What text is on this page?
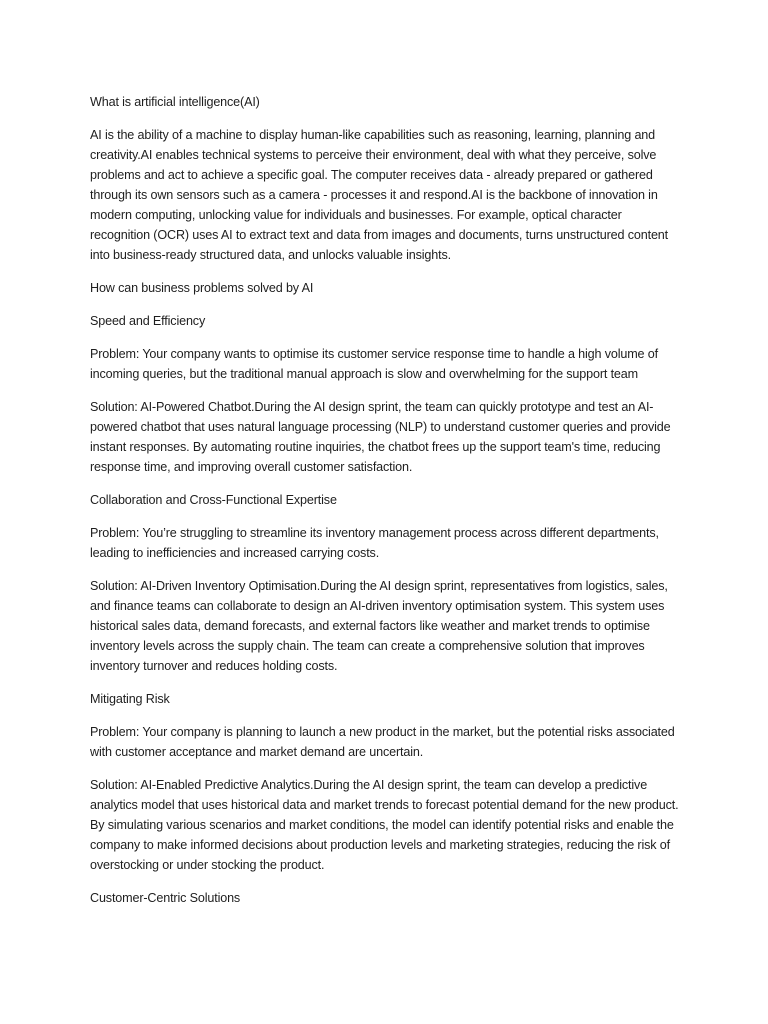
What is artificial intelligence(AI)

AI is the ability of a machine to display human-like capabilities such as reasoning, learning, planning and creativity.AI enables technical systems to perceive their environment, deal with what they perceive, solve problems and act to achieve a specific goal. The computer receives data - already prepared or gathered through its own sensors such as a camera - processes it and respond.AI is the backbone of innovation in modern computing, unlocking value for individuals and businesses. For example, optical character recognition (OCR) uses AI to extract text and data from images and documents, turns unstructured content into business-ready structured data, and unlocks valuable insights.

How can business problems solved by AI

Speed and Efficiency

Problem: Your company wants to optimise its customer service response time to handle a high volume of incoming queries, but the traditional manual approach is slow and overwhelming for the support team

Solution: AI-Powered Chatbot.During the AI design sprint, the team can quickly prototype and test an AI-powered chatbot that uses natural language processing (NLP) to understand customer queries and provide instant responses. By automating routine inquiries, the chatbot frees up the support team's time, reducing response time, and improving overall customer satisfaction.

Collaboration and Cross-Functional Expertise

Problem: You’re struggling to streamline its inventory management process across different departments, leading to inefficiencies and increased carrying costs.

Solution: AI-Driven Inventory Optimisation.During the AI design sprint, representatives from logistics, sales, and finance teams can collaborate to design an AI-driven inventory optimisation system. This system uses historical sales data, demand forecasts, and external factors like weather and market trends to optimise inventory levels across the supply chain. The team can create a comprehensive solution that improves inventory turnover and reduces holding costs.

Mitigating Risk

Problem: Your company is planning to launch a new product in the market, but the potential risks associated with customer acceptance and market demand are uncertain.

Solution: AI-Enabled Predictive Analytics.During the AI design sprint, the team can develop a predictive analytics model that uses historical data and market trends to forecast potential demand for the new product. By simulating various scenarios and market conditions, the model can identify potential risks and enable the company to make informed decisions about production levels and marketing strategies, reducing the risk of overstocking or under stocking the product.

Customer-Centric Solutions
